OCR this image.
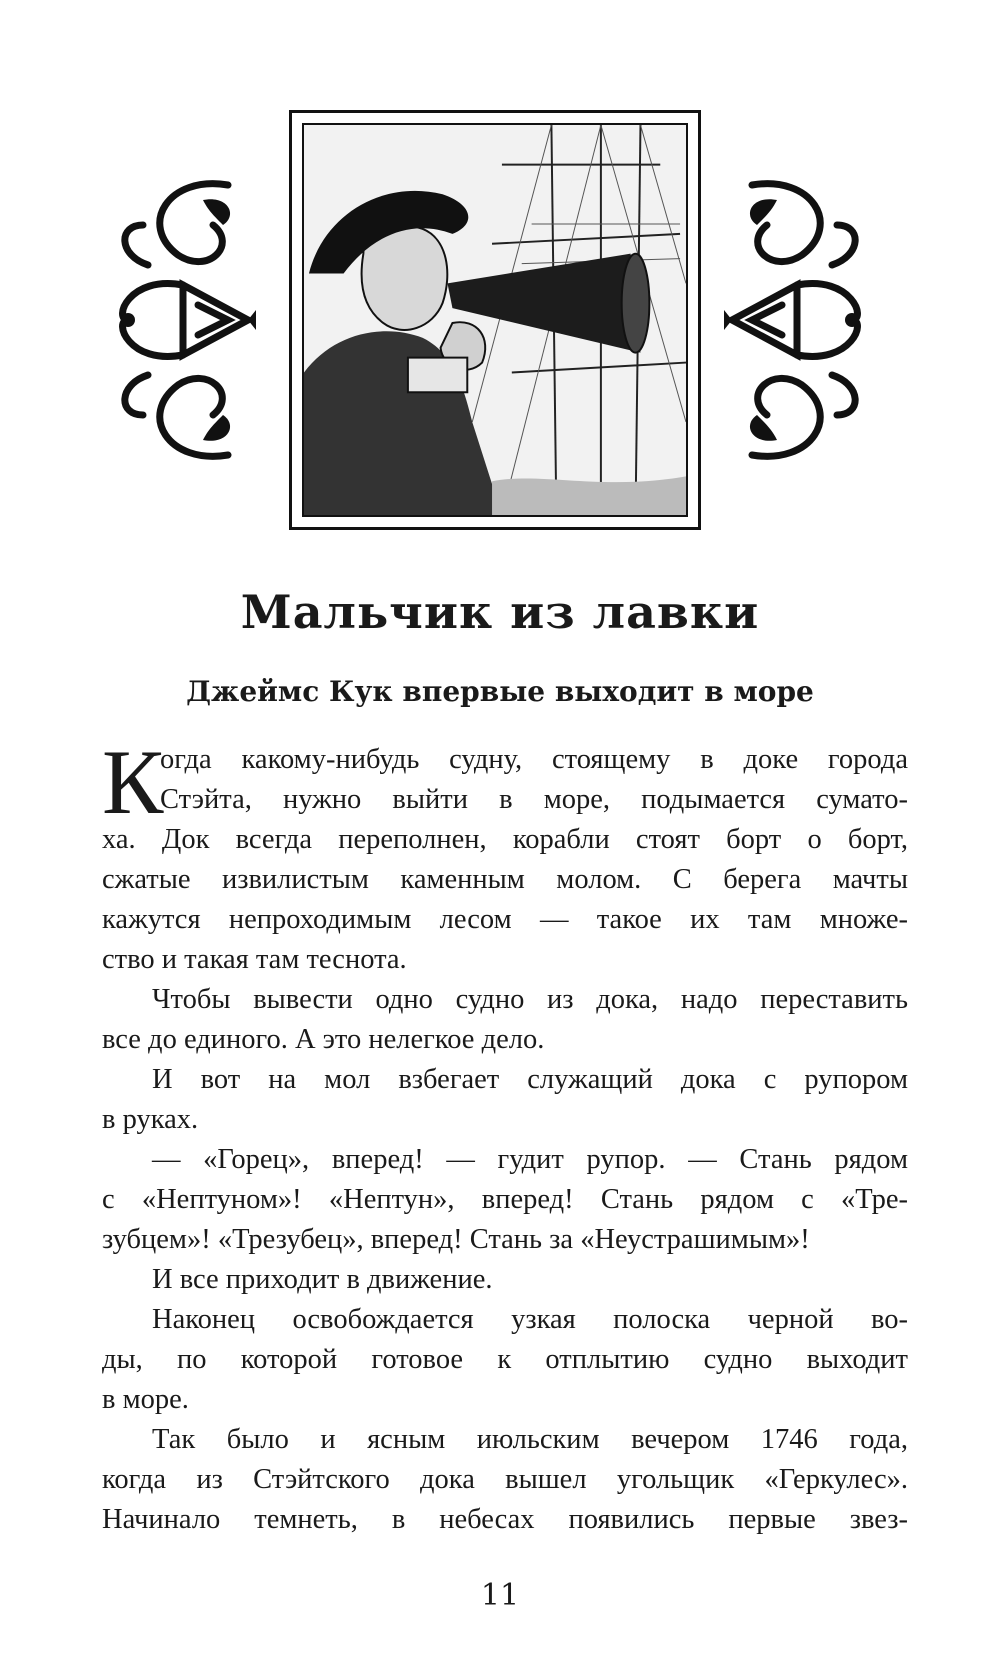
Мальчик из лавки
Джеймс Кук впервые выходит в море
К
огда какому-нибудь судну, стоящему в доке города
Стэйта, нужно выйти в море, подымается сумато-
ха. Док всегда переполнен, корабли стоят борт о борт,
сжатые извилистым каменным молом. С берега мачты
кажутся непроходимым лесом — такое их там множе-
ство и такая там теснота.
Чтобы вывести одно судно из дока, надо переставить
все до единого. А это нелегкое дело.
И вот на мол взбегает служащий дока с рупором
в руках.
— «Горец», вперед! — гудит рупор. — Стань рядом
с «Нептуном»! «Нептун», вперед! Стань рядом с «Тре-
зубцем»! «Трезубец», вперед! Стань за «Неустрашимым»!
И все приходит в движение.
Наконец освобождается узкая полоска черной во-
ды, по которой готовое к отплытию судно выходит
в море.
Так было и ясным июльским вечером 1746 года,
когда из Стэйтского дока вышел угольщик «Геркулес».
Начинало темнеть, в небесах появились первые звез-
11
